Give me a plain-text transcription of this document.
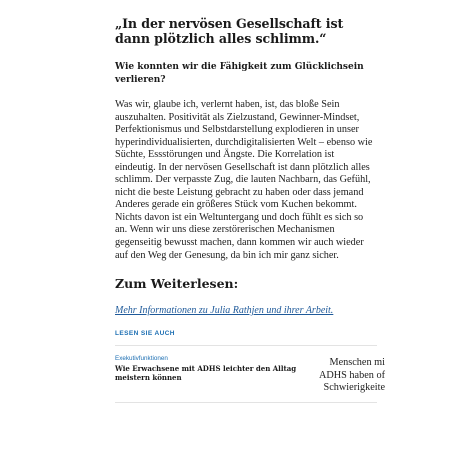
„In der nervösen Gesellschaft ist dann plötzlich alles schlimm.“
Wie konnten wir die Fähigkeit zum Glücklichsein verlieren?

Was wir, glaube ich, verlernt haben, ist, das bloße Sein auszuhalten. Positivität als Zielzustand, Gewinner-Mindset, Perfektionismus und Selbstdarstellung explodieren in unser hyperindividualisierten, durchdigitalisierten Welt – ebenso wie Süchte, Essstörungen und Ängste. Die Korrelation ist eindeutig. In der nervösen Gesellschaft ist dann plötzlich alles schlimm. Der verpasste Zug, die lauten Nachbarn, das Gefühl, nicht die beste Leistung gebracht zu haben oder dass jemand Anderes gerade ein größeres Stück vom Kuchen bekommt. Nichts davon ist ein Weltuntergang und doch fühlt es sich so an. Wenn wir uns diese zerstörerischen Mechanismen gegenseitig bewusst machen, dann kommen wir auch wieder auf den Weg der Genesung, da bin ich mir ganz sicher.

Zum Weiterlesen:
Mehr Informationen zu Julia Rathjen und ihrer Arbeit.
LESEN SIE AUCH
Exekutivfunktionen
Wie Erwachsene mit ADHS leichter den Alltag meistern können
Menschen mi
ADHS haben of
Schwierigkeite
